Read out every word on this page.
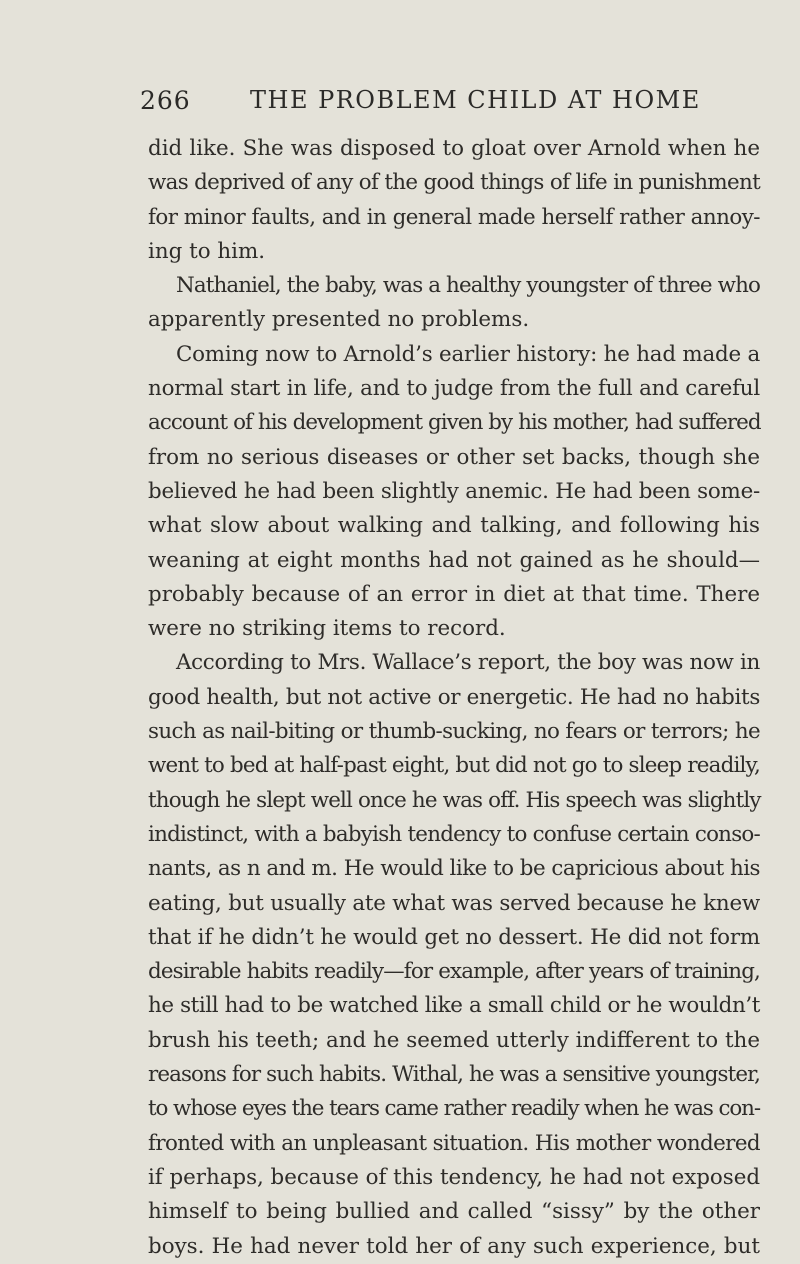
266 THE PROBLEM CHILD AT HOME
did like. She was disposed to gloat over Arnold when he
was deprived of any of the good things of life in punishment
for minor faults, and in general made herself rather annoy-
ing to him.
Nathaniel, the baby, was a healthy youngster of three who
apparently presented no problems.
Coming now to Arnold’s earlier history: he had made a
normal start in life, and to judge from the full and careful
account of his development given by his mother, had suffered
from no serious diseases or other set backs, though she
believed he had been slightly anemic. He had been some-
what slow about walking and talking, and following his
weaning at eight months had not gained as he should—
probably because of an error in diet at that time. There
were no striking items to record.
According to Mrs. Wallace’s report, the boy was now in
good health, but not active or energetic. He had no habits
such as nail-biting or thumb-sucking, no fears or terrors; he
went to bed at half-past eight, but did not go to sleep readily,
though he slept well once he was off. His speech was slightly
indistinct, with a babyish tendency to confuse certain conso-
nants, as n and m. He would like to be capricious about his
eating, but usually ate what was served because he knew
that if he didn’t he would get no dessert. He did not form
desirable habits readily—for example, after years of training,
he still had to be watched like a small child or he wouldn’t
brush his teeth; and he seemed utterly indifferent to the
reasons for such habits. Withal, he was a sensitive youngster,
to whose eyes the tears came rather readily when he was con-
fronted with an unpleasant situation. His mother wondered
if perhaps, because of this tendency, he had not exposed
himself to being bullied and called “sissy” by the other
boys. He had never told her of any such experience, but
